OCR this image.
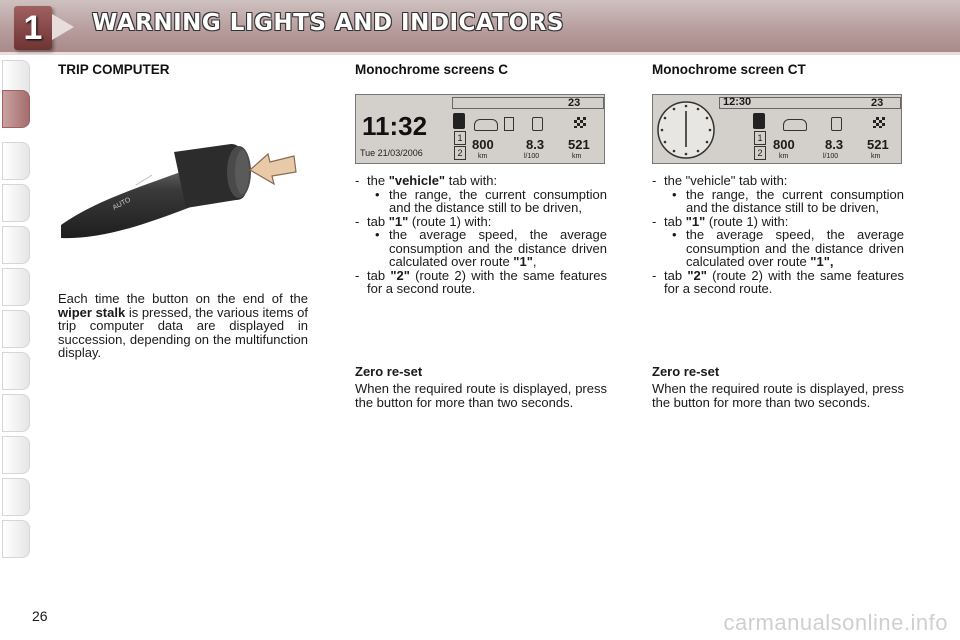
1	WARNING LIGHTS AND INDICATORS
TRIP COMPUTER
AUTO
Each time the button on the end of the wiper stalk is pressed, the various items of trip computer data are displayed in succession, depending on the multifunction display.
Monochrome screens C
11:32
Tue 21/03/2006
23
1
2
800 8.3 521
km	l/100	km
- the "vehicle" tab with:
• the range, the current consumption and the distance still to be driven,
- tab "1" (route 1) with:
• the average speed, the average consumption and the distance driven calculated over route "1",
- tab "2" (route 2) with the same features for a second route.
Zero re-set
When the required route is displayed, press the button for more than two seconds.
Monochrome screen CT
12:30	23
1
2
800 8.3 521
km	l/100	km
- the "vehicle" tab with:
• the range, the current consumption and the distance still to be driven,
- tab "1" (route 1) with:
• the average speed, the average consumption and the distance driven calculated over route "1",
- tab "2" (route 2) with the same features for a second route.
Zero re-set
When the required route is displayed, press the button for more than two seconds.
26	carmanualsonline.info
